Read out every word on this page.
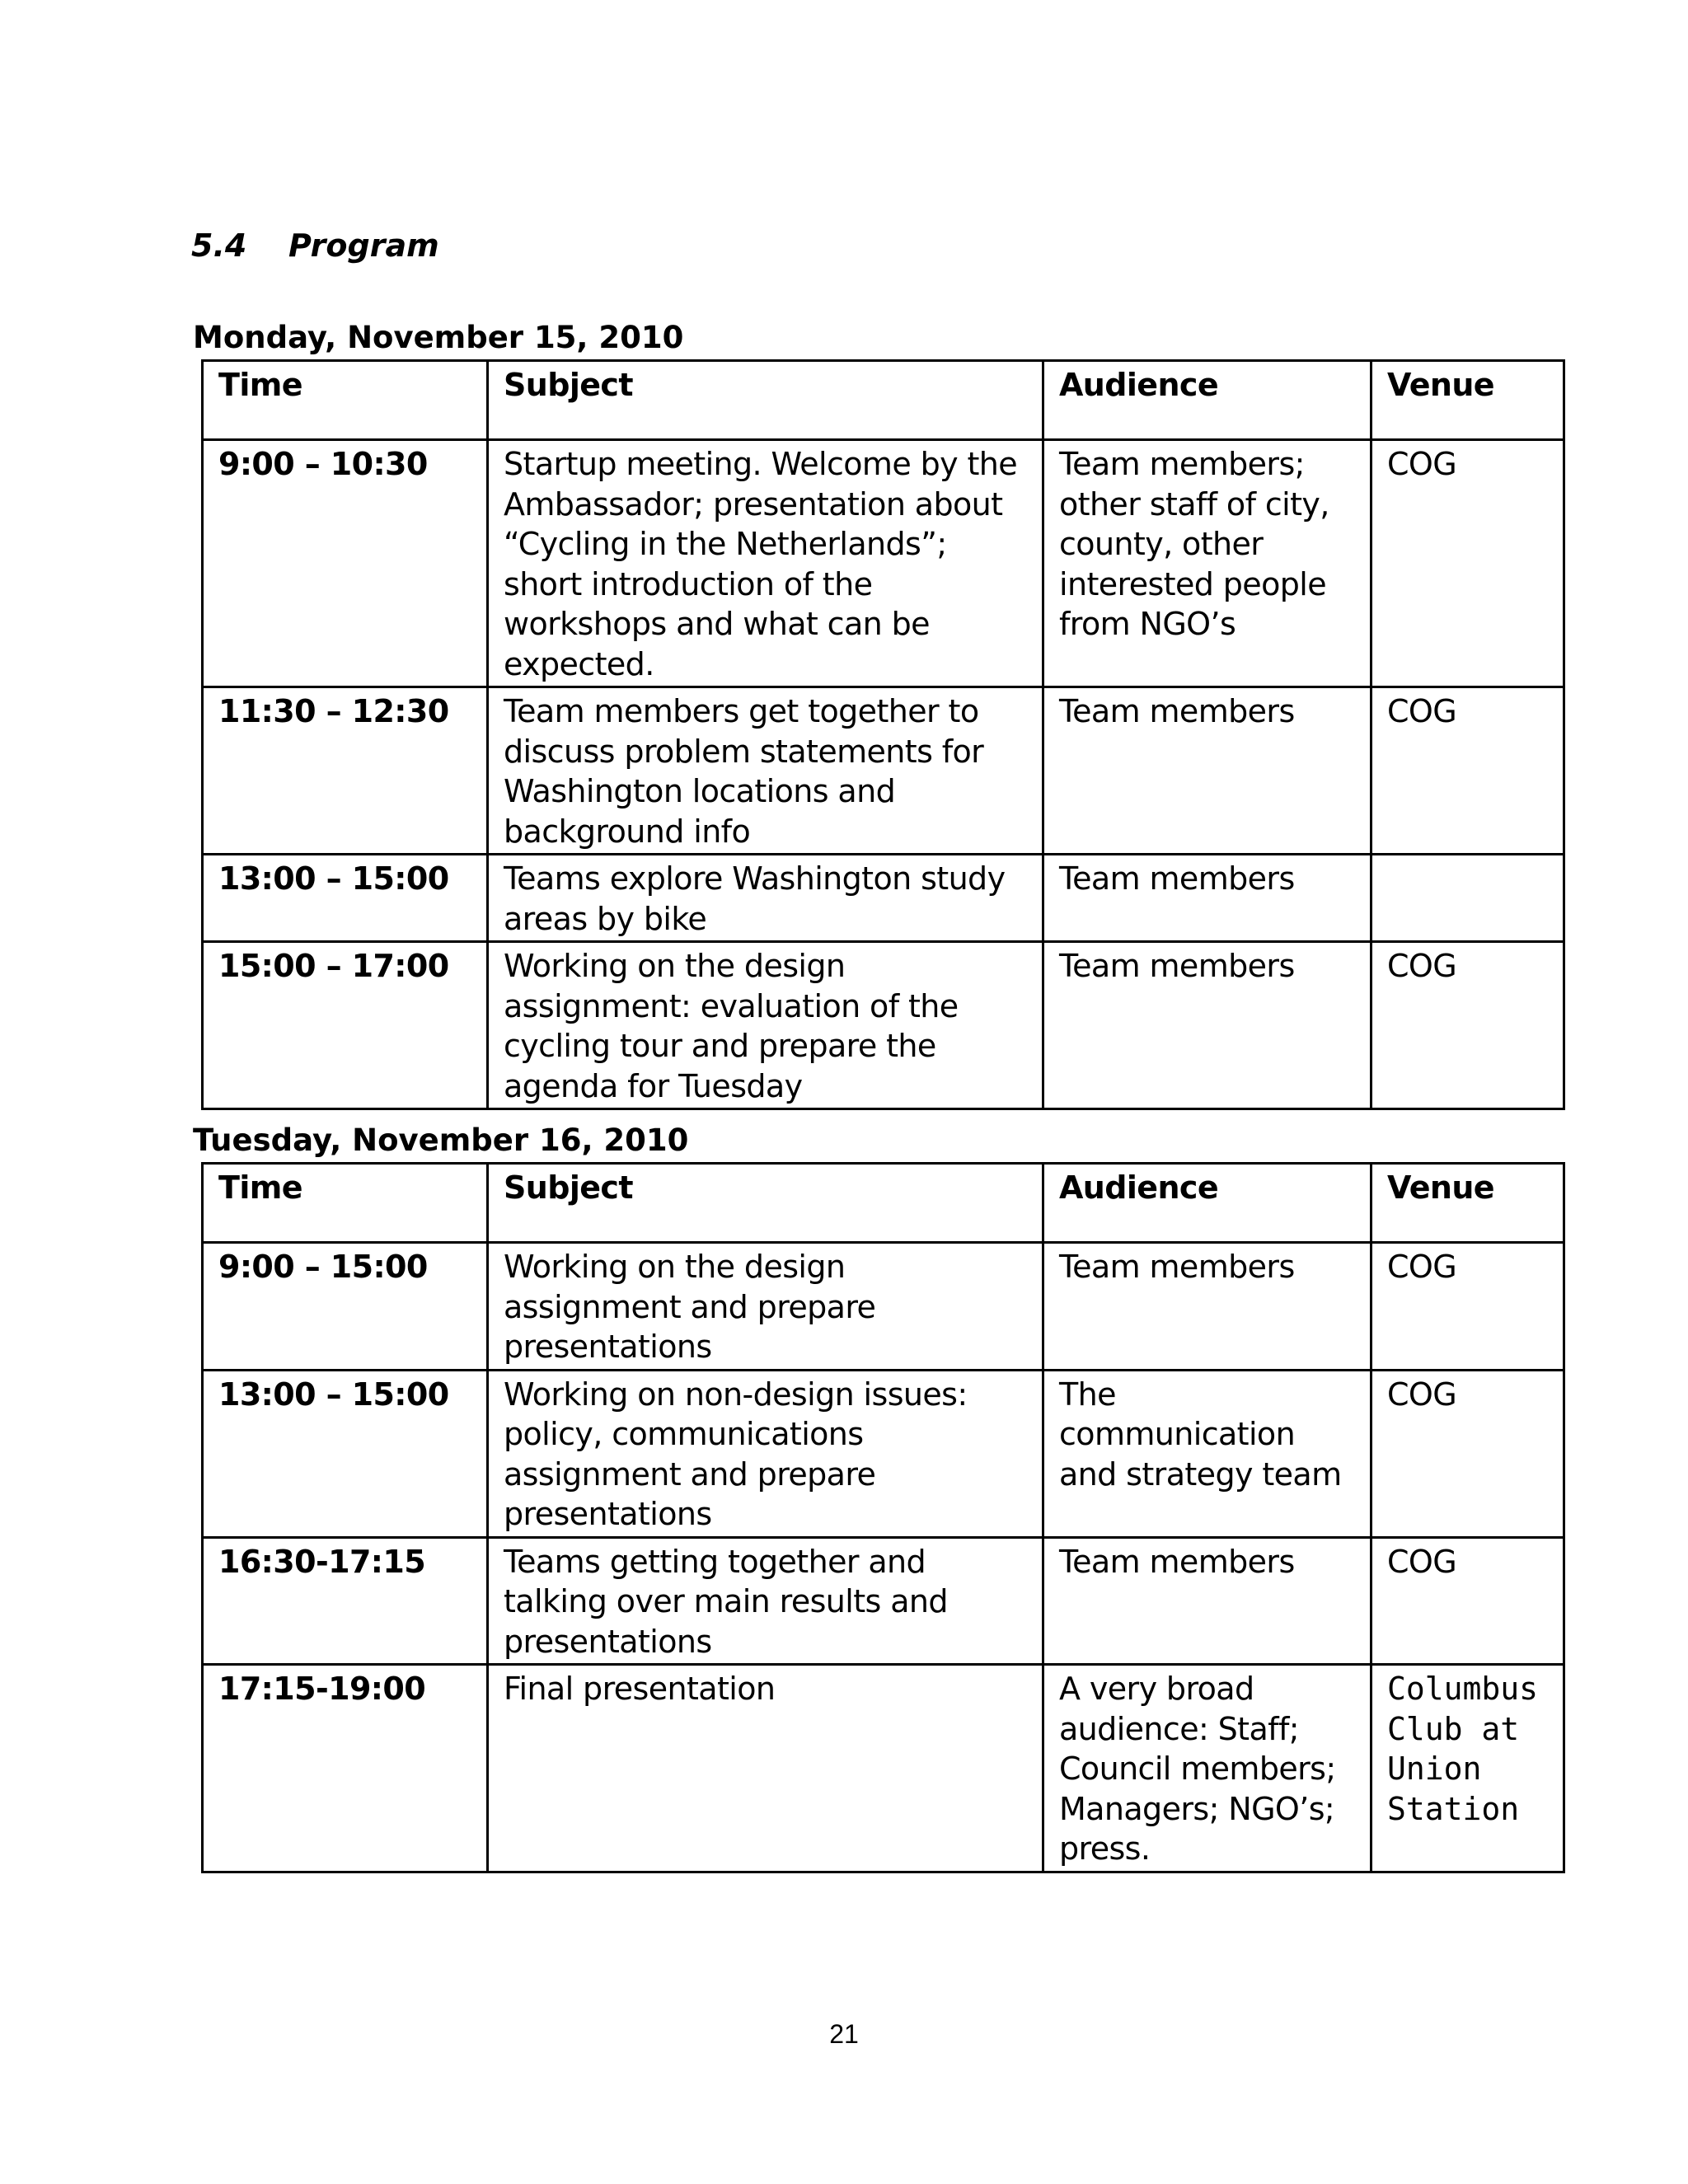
5.4 Program
Monday, November 15, 2010
Time	Subject	Audience	Venue
9:00 – 10:30	Startup meeting. Welcome by the Ambassador; presentation about “Cycling in the Netherlands”; short introduction of the workshops and what can be expected.	Team members; other staff of city, county, other interested people from NGO’s	COG
11:30 – 12:30	Team members get together to discuss problem statements for Washington locations and background info	Team members	COG
13:00 – 15:00	Teams explore Washington study areas by bike	Team members	
15:00 – 17:00	Working on the design assignment: evaluation of the cycling tour and prepare the agenda for Tuesday	Team members	COG
Tuesday, November 16, 2010
Time	Subject	Audience	Venue
9:00 – 15:00	Working on the design assignment and prepare presentations	Team members	COG
13:00 – 15:00	Working on non-design issues: policy, communications assignment and prepare presentations	The communication and strategy team	COG
16:30-17:15	Teams getting together and talking over main results and presentations	Team members	COG
17:15-19:00	Final presentation	A very broad audience: Staff; Council members; Managers; NGO’s; press.	Columbus Club at Union Station
21
